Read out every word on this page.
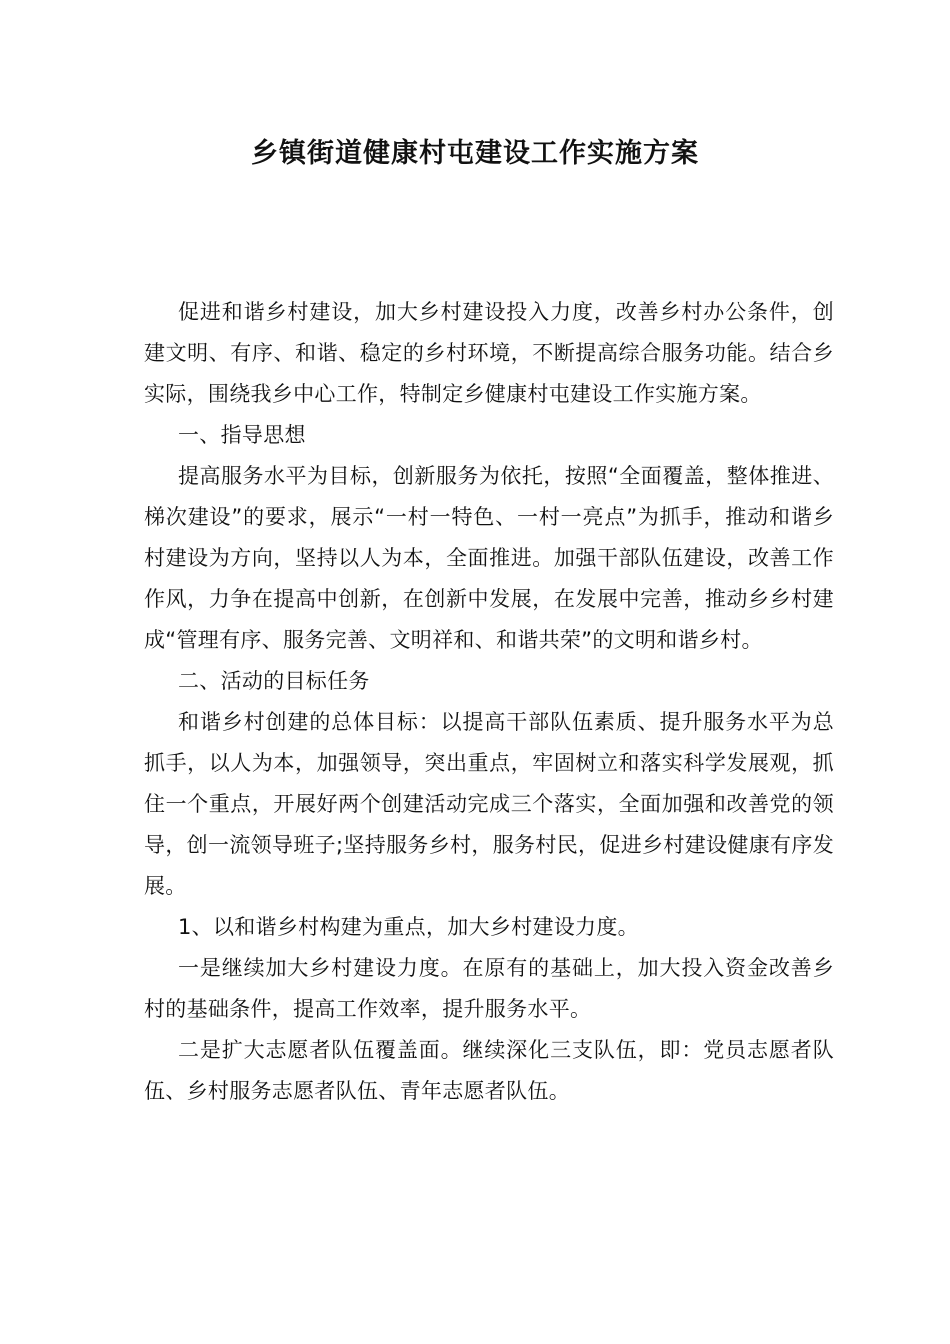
乡镇街道健康村屯建设工作实施方案

促进和谐乡村建设，加大乡村建设投入力度，改善乡村办公条件，创建文明、有序、和谐、稳定的乡村环境，不断提高综合服务功能。结合乡实际，围绕我乡中心工作，特制定乡健康村屯建设工作实施方案。

一、指导思想

提高服务水平为目标，创新服务为依托，按照“全面覆盖，整体推进、梯次建设”的要求，展示“一村一特色、一村一亮点”为抓手，推动和谐乡村建设为方向，坚持以人为本，全面推进。加强干部队伍建设，改善工作作风，力争在提高中创新，在创新中发展，在发展中完善，推动乡乡村建成“管理有序、服务完善、文明祥和、和谐共荣”的文明和谐乡村。

二、活动的目标任务

和谐乡村创建的总体目标：以提高干部队伍素质、提升服务水平为总抓手，以人为本，加强领导，突出重点，牢固树立和落实科学发展观，抓住一个重点，开展好两个创建活动完成三个落实，全面加强和改善党的领导，创一流领导班子;坚持服务乡村，服务村民，促进乡村建设健康有序发展。

1、以和谐乡村构建为重点，加大乡村建设力度。

一是继续加大乡村建设力度。在原有的基础上，加大投入资金改善乡村的基础条件，提高工作效率，提升服务水平。

二是扩大志愿者队伍覆盖面。继续深化三支队伍，即：党员志愿者队伍、乡村服务志愿者队伍、青年志愿者队伍。
